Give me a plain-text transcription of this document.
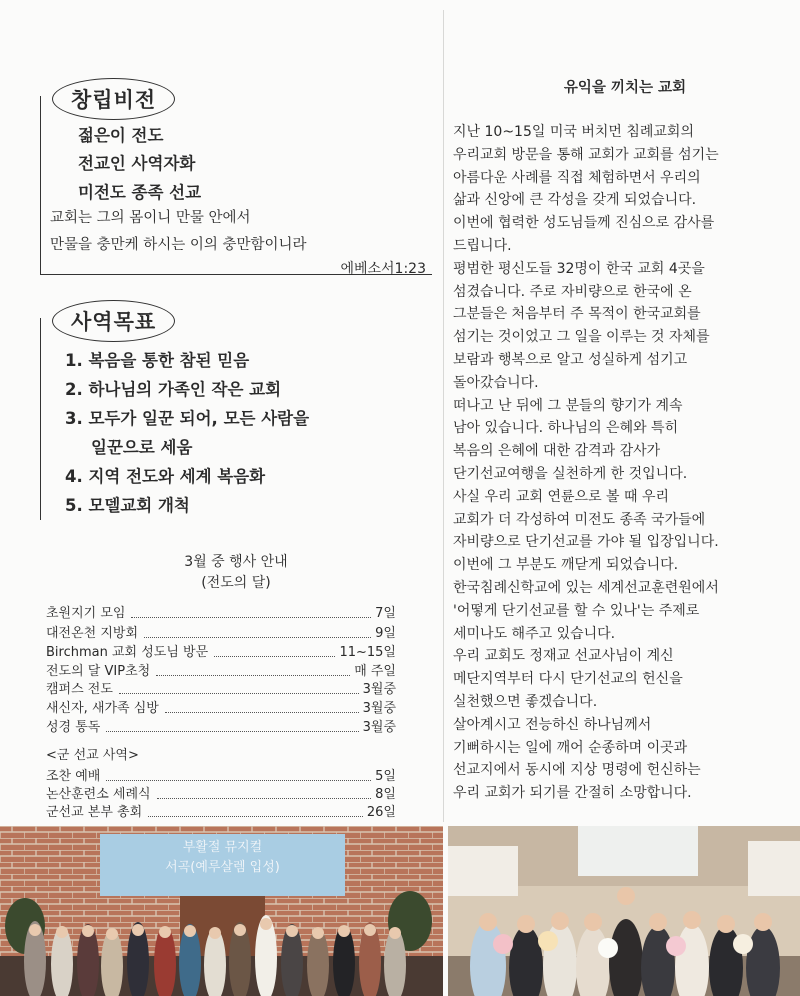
창립비전
젊은이 전도
전교인 사역자화
미전도 종족 선교
교회는 그의 몸이니 만물 안에서
만물을 충만케 하시는 이의 충만함이니라
에베소서1:23
사역목표
1. 복음을 통한 참된 믿음
2. 하나님의 가족인 작은 교회
3. 모두가 일꾼 되어, 모든 사람을
일꾼으로 세움
4. 지역 전도와 세계 복음화
5. 모델교회 개척
3월 중 행사 안내
(전도의 달)
초원지기 모임	7일
대전온천 지방회	9일
Birchman 교회 성도님 방문	11~15일
전도의 달 VIP초청	매 주일
캠퍼스 전도	3월중
새신자, 새가족 심방	3월중
성경 통독	3월중
<군 선교 사역>
조찬 예배	5일
논산훈련소 세례식	8일
군선교 본부 총회	26일
유익을 끼치는 교회

지난 10~15일 미국 버치먼 침례교회의
우리교회 방문을 통해 교회가 교회를 섬기는
아름다운 사례를 직접 체험하면서 우리의
삶과 신앙에 큰 각성을 갖게 되었습니다.
이번에 협력한 성도님들께 진심으로 감사를
드립니다.
평범한 평신도들 32명이 한국 교회 4곳을
섬겼습니다. 주로 자비량으로 한국에 온
그분들은 처음부터 주 목적이 한국교회를
섬기는 것이었고 그 일을 이루는 것 자체를
보람과 행복으로 알고 성실하게 섬기고
돌아갔습니다.
떠나고 난 뒤에 그 분들의 향기가 계속
남아 있습니다. 하나님의 은혜와 특히
복음의 은혜에 대한 감격과 감사가
단기선교여행을 실천하게 한 것입니다.
사실 우리 교회 연륜으로 볼 때 우리
교회가 더 각성하여 미전도 종족 국가들에
자비량으로 단기선교를 가야 될 입장입니다.
이번에 그 부분도 깨닫게 되었습니다.
한국침례신학교에 있는 세계선교훈련원에서
'어떻게 단기선교를 할 수 있나'는 주제로
세미나도 해주고 있습니다.
우리 교회도 정재교 선교사님이 계신
메단지역부터 다시 단기선교의 헌신을
실천했으면 좋겠습니다.
살아계시고 전능하신 하나님께서
기뻐하시는 일에 깨어 순종하며 이곳과
선교지에서 동시에 지상 명령에 헌신하는
우리 교회가 되기를 간절히 소망합니다.

부활절 뮤지컬
서곡(예루살렘 입성)
